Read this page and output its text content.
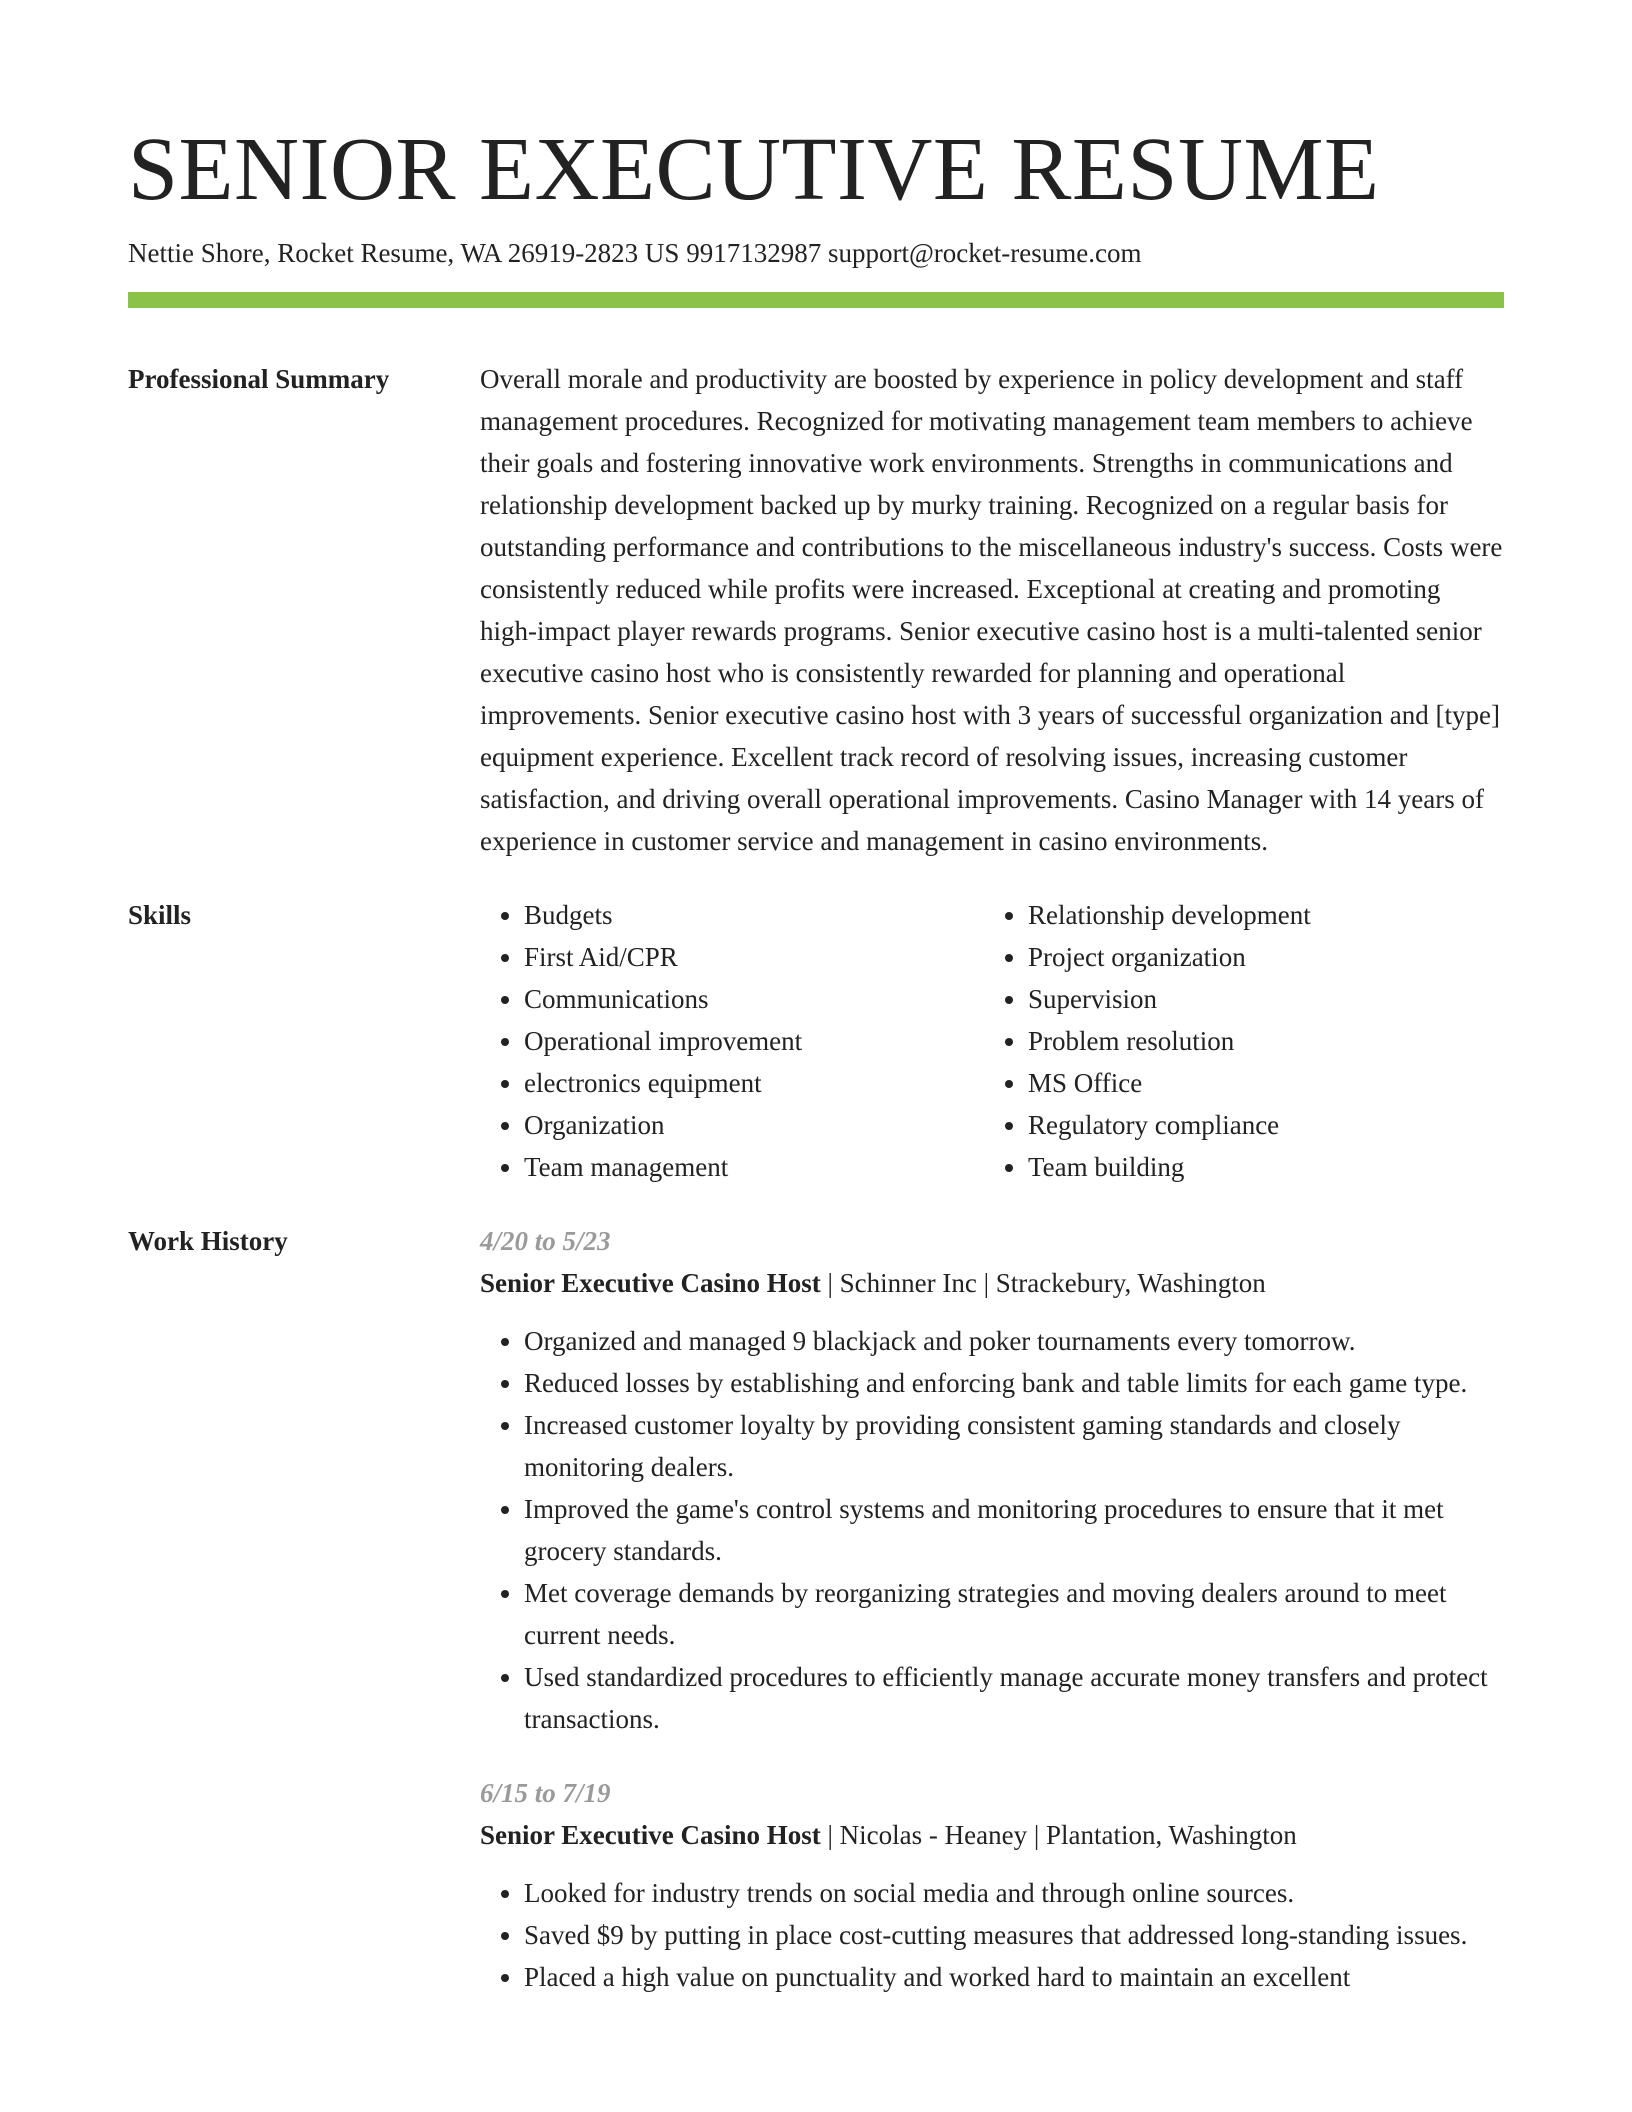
SENIOR EXECUTIVE RESUME
Nettie Shore, Rocket Resume, WA 26919-2823 US 9917132987 support@rocket-resume.com
Professional Summary	Overall morale and productivity are boosted by experience in policy development and staff management procedures. Recognized for motivating management team members to achieve their goals and fostering innovative work environments. Strengths in communications and relationship development backed up by murky training. Recognized on a regular basis for outstanding performance and contributions to the miscellaneous industry's success. Costs were consistently reduced while profits were increased. Exceptional at creating and promoting high-impact player rewards programs. Senior executive casino host is a multi-talented senior executive casino host who is consistently rewarded for planning and operational improvements. Senior executive casino host with 3 years of successful organization and [type] equipment experience. Excellent track record of resolving issues, increasing customer satisfaction, and driving overall operational improvements. Casino Manager with 14 years of experience in customer service and management in casino environments.
Skills
•	Budgets
• First Aid/CPR
• Communications
• Operational improvement
• electronics equipment
• Organization
• Team management
• Relationship development
• Project organization
• Supervision
• Problem resolution
• MS Office
• Regulatory compliance
• Team building
Work History	4/20 to 5/23
Senior Executive Casino Host | Schinner Inc | Strackebury, Washington
• Organized and managed 9 blackjack and poker tournaments every tomorrow.
• Reduced losses by establishing and enforcing bank and table limits for each game type.
• Increased customer loyalty by providing consistent gaming standards and closely monitoring dealers.
• Improved the game's control systems and monitoring procedures to ensure that it met grocery standards.
• Met coverage demands by reorganizing strategies and moving dealers around to meet current needs.
• Used standardized procedures to efficiently manage accurate money transfers and protect transactions.
6/15 to 7/19
Senior Executive Casino Host | Nicolas - Heaney | Plantation, Washington
• Looked for industry trends on social media and through online sources.
• Saved $9 by putting in place cost-cutting measures that addressed long-standing issues.
• Placed a high value on punctuality and worked hard to maintain an excellent
